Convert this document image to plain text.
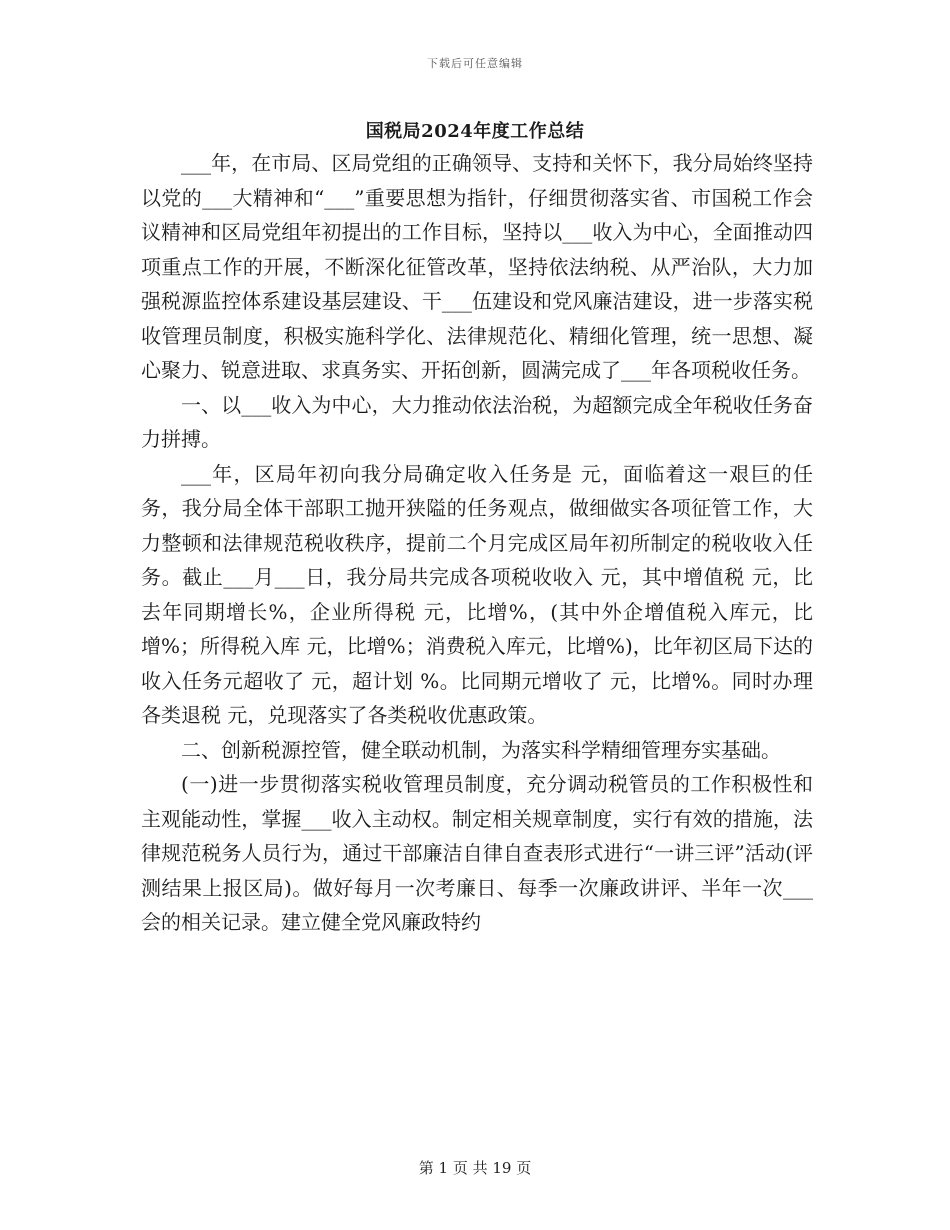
下载后可任意编辑
国税局2024年度工作总结

___年，在市局、区局党组的正确领导、支持和关怀下，我分局始终坚持以党的___大精神和“___”重要思想为指针，仔细贯彻落实省、市国税工作会议精神和区局党组年初提出的工作目标，坚持以___收入为中心，全面推动四项重点工作的开展，不断深化征管改革，坚持依法纳税、从严治队，大力加强税源监控体系建设基层建设、干___伍建设和党风廉洁建设，进一步落实税收管理员制度，积极实施科学化、法律规范化、精细化管理，统一思想、凝心聚力、锐意进取、求真务实、开拓创新，圆满完成了___年各项税收任务。

一、以___收入为中心，大力推动依法治税，为超额完成全年税收任务奋力拼搏。

___年，区局年初向我分局确定收入任务是 元，面临着这一艰巨的任务，我分局全体干部职工抛开狭隘的任务观点，做细做实各项征管工作，大力整顿和法律规范税收秩序，提前二个月完成区局年初所制定的税收收入任务。截止___月___日，我分局共完成各项税收收入 元，其中增值税 元，比去年同期增长%，企业所得税 元，比增%，(其中外企增值税入库元，比增%；所得税入库 元，比增%；消费税入库元，比增%)，比年初区局下达的收入任务元超收了 元，超计划 %。比同期元增收了 元，比增%。同时办理各类退税 元，兑现落实了各类税收优惠政策。

二、创新税源控管，健全联动机制，为落实科学精细管理夯实基础。

(一)进一步贯彻落实税收管理员制度，充分调动税管员的工作积极性和主观能动性，掌握___收入主动权。制定相关规章制度，实行有效的措施，法律规范税务人员行为，通过干部廉洁自律自查表形式进行“一讲三评”活动(评测结果上报区局)。做好每月一次考廉日、每季一次廉政讲评、半年一次___会的相关记录。建立健全党风廉政特约

第 1 页 共 19 页
